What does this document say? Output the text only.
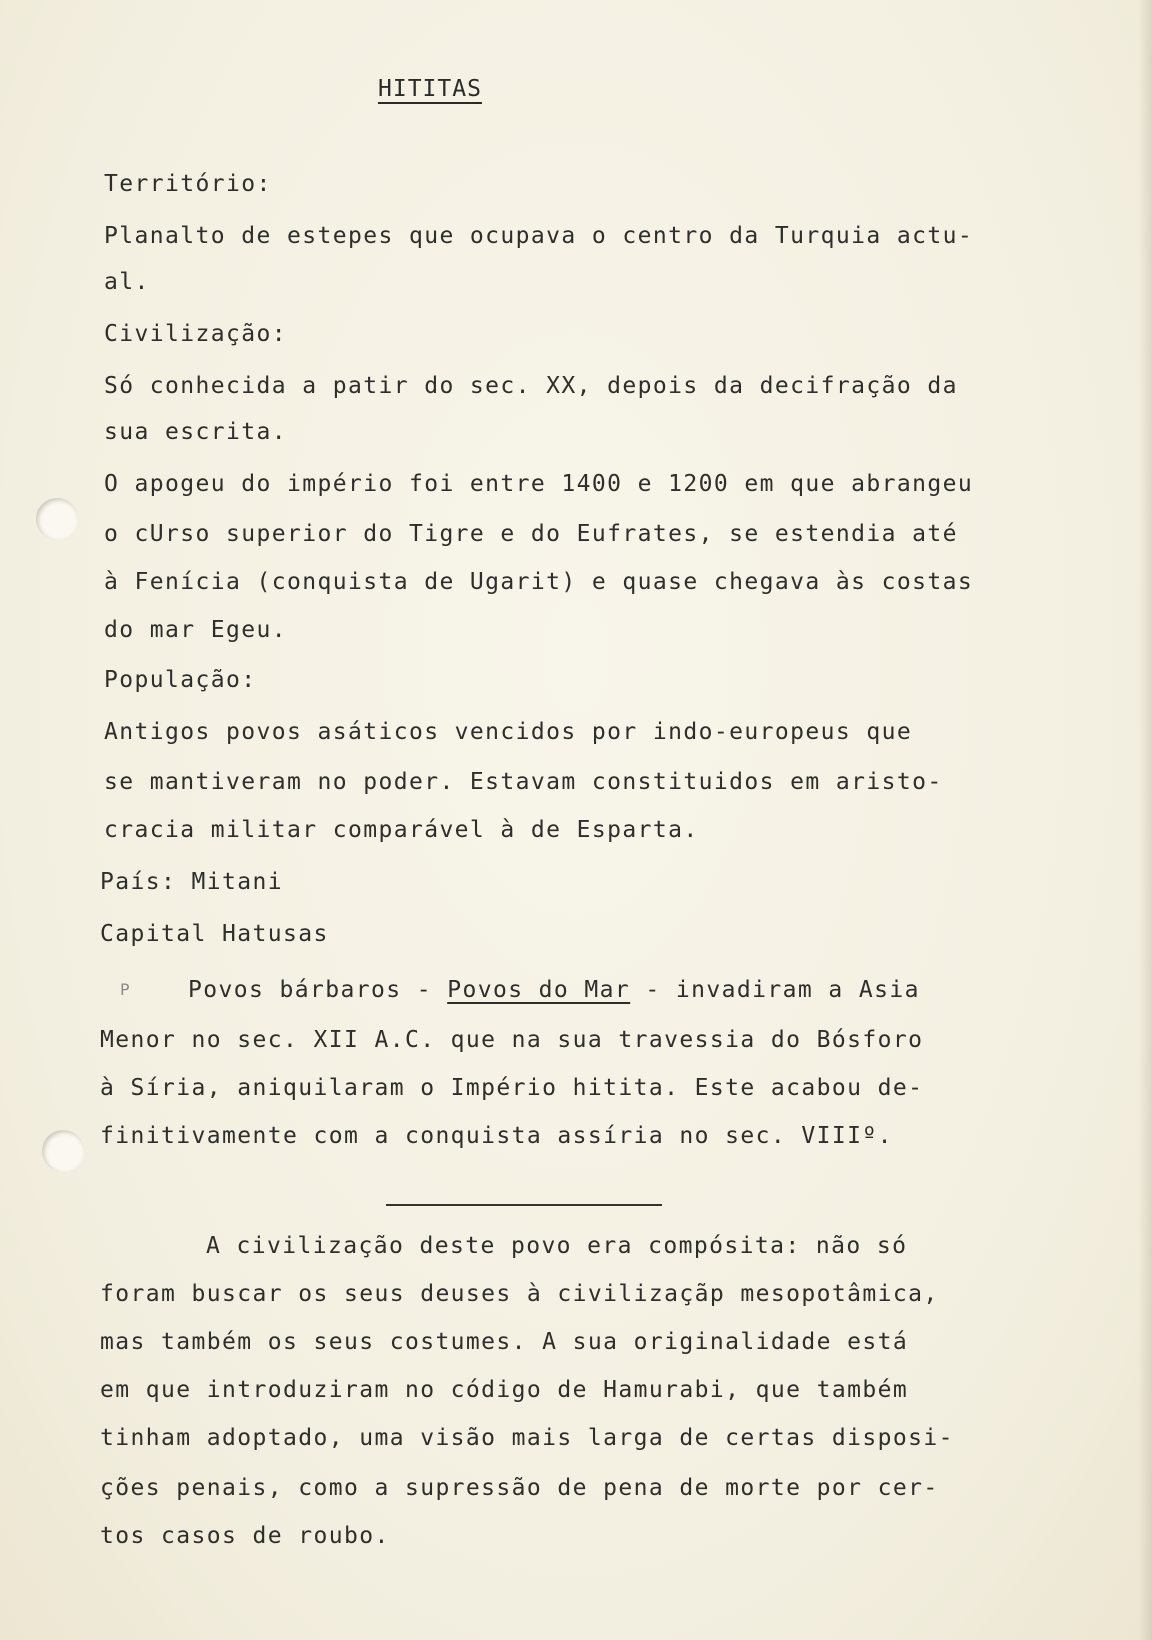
HITITAS
Território:
Planalto de estepes que ocupava o centro da Turquia actu-
al.
Civilização:
Só conhecida a patir do sec. XX, depois da decifração da
sua escrita.
O apogeu do império foi entre 1400 e 1200 em que abrangeu
o cUrso superior do Tigre e do Eufrates, se estendia até
à Fenícia (conquista de Ugarit) e quase chegava às costas
do mar Egeu.
População:
Antigos povos asáticos vencidos por indo-europeus que
se mantiveram no poder. Estavam constituidos em aristo-
cracia militar comparável à de Esparta.
País: Mitani
Capital Hatusas
P	Povos bárbaros - Povos do Mar - invadiram a Asia
Menor no sec. XII A.C. que na sua travessia do Bósforo
à Síria, aniquilaram o Império hitita. Este acabou de-
finitivamente com a conquista assíria no sec. VIIIº.
A civilização deste povo era compósita: não só
foram buscar os seus deuses à civilizaçãp mesopotâmica,
mas também os seus costumes. A sua originalidade está
em que introduziram no código de Hamurabi, que também
tinham adoptado, uma visão mais larga de certas disposi-
ções penais, como a supressão de pena de morte por cer-
tos casos de roubo.
